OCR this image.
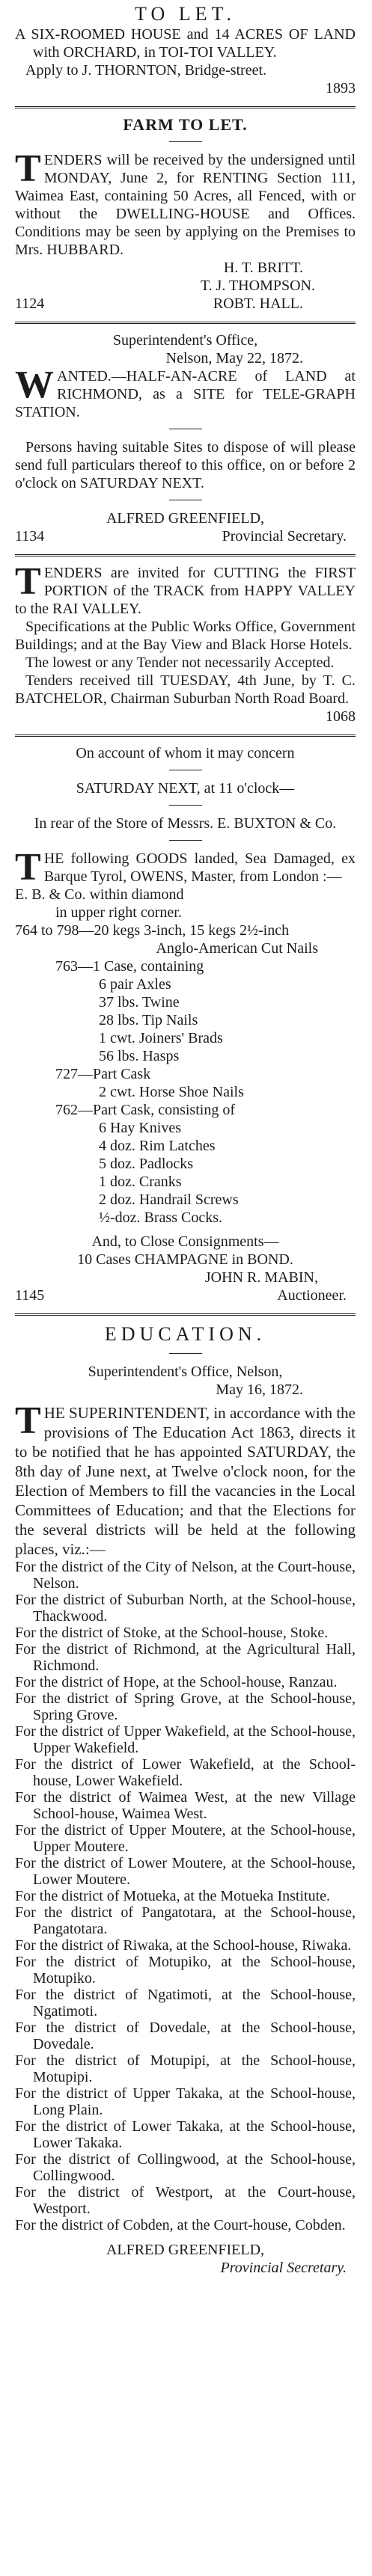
TO LET.

A SIX-ROOMED HOUSE and 14 ACRES OF LAND with ORCHARD, in TOI-TOI VALLEY.

Apply to J. THORNTON, Bridge-street.

1893

FARM TO LET.

TENDERS will be received by the undersigned until MONDAY, June 2, for RENTING Section 111, Waimea East, containing 50 Acres, all Fenced, with or without the DWELLING-HOUSE and Offices. Conditions may be seen by applying on the Premises to Mrs. HUBBARD.

H. T. BRITT.

T. J. THOMPSON.

1124	ROBT. HALL.

Superintendent's Office,

Nelson, May 22, 1872.

WANTED.—HALF-AN-ACRE of LAND at RICHMOND, as a SITE for TELE-GRAPH STATION.

Persons having suitable Sites to dispose of will please send full particulars thereof to this office, on or before 2 o'clock on SATURDAY NEXT.

ALFRED GREENFIELD,

1134	Provincial Secretary.

TENDERS are invited for CUTTING the FIRST PORTION of the TRACK from HAPPY VALLEY to the RAI VALLEY.

Specifications at the Public Works Office, Government Buildings; and at the Bay View and Black Horse Hotels.

The lowest or any Tender not necessarily Accepted.

Tenders received till TUESDAY, 4th June, by T. C. BATCHELOR, Chairman Suburban North Road Board.

1068

On account of whom it may concern

SATURDAY NEXT, at 11 o'clock—

In rear of the Store of Messrs. E. BUXTON & Co.

THE following GOODS landed, Sea Damaged, ex Barque Tyrol, OWENS, Master, from London :—

E. B. & Co. within diamond

in upper right corner.

764 to 798—20 kegs 3-inch, 15 kegs 2½-inch

Anglo-American Cut Nails

763—1 Case, containing

6 pair Axles

37 lbs. Twine

28 lbs. Tip Nails

1 cwt. Joiners' Brads

56 lbs. Hasps

727—Part Cask

2 cwt. Horse Shoe Nails

762—Part Cask, consisting of

6 Hay Knives

4 doz. Rim Latches

5 doz. Padlocks

1 doz. Cranks

2 doz. Handrail Screws

½-doz. Brass Cocks.

And, to Close Consignments—

10 Cases CHAMPAGNE in BOND.

JOHN R. MABIN,

1145	Auctioneer.

EDUCATION.

Superintendent's Office, Nelson,

May 16, 1872.

THE SUPERINTENDENT, in accordance with the provisions of The Education Act 1863, directs it to be notified that he has appointed SATURDAY, the 8th day of June next, at Twelve o'clock noon, for the Election of Members to fill the vacancies in the Local Committees of Education; and that the Elections for the several districts will be held at the following places, viz.:—

For the district of the City of Nelson, at the Court-house, Nelson.

For the district of Suburban North, at the School-house, Thackwood.

For the district of Stoke, at the School-house, Stoke.

For the district of Richmond, at the Agricultural Hall, Richmond.

For the district of Hope, at the School-house, Ranzau.

For the district of Spring Grove, at the School-house, Spring Grove.

For the district of Upper Wakefield, at the School-house, Upper Wakefield.

For the district of Lower Wakefield, at the School-house, Lower Wakefield.

For the district of Waimea West, at the new Village School-house, Waimea West.

For the district of Upper Moutere, at the School-house, Upper Moutere.

For the district of Lower Moutere, at the School-house, Lower Moutere.

For the district of Motueka, at the Motueka Institute.

For the district of Pangatotara, at the School-house, Pangatotara.

For the district of Riwaka, at the School-house, Riwaka.

For the district of Motupiko, at the School-house, Motupiko.

For the district of Ngatimoti, at the School-house, Ngatimoti.

For the district of Dovedale, at the School-house, Dovedale.

For the district of Motupipi, at the School-house, Motupipi.

For the district of Upper Takaka, at the School-house, Long Plain.

For the district of Lower Takaka, at the School-house, Lower Takaka.

For the district of Collingwood, at the School-house, Collingwood.

For the district of Westport, at the Court-house, Westport.

For the district of Cobden, at the Court-house, Cobden.

ALFRED GREENFIELD,

Provincial Secretary.
